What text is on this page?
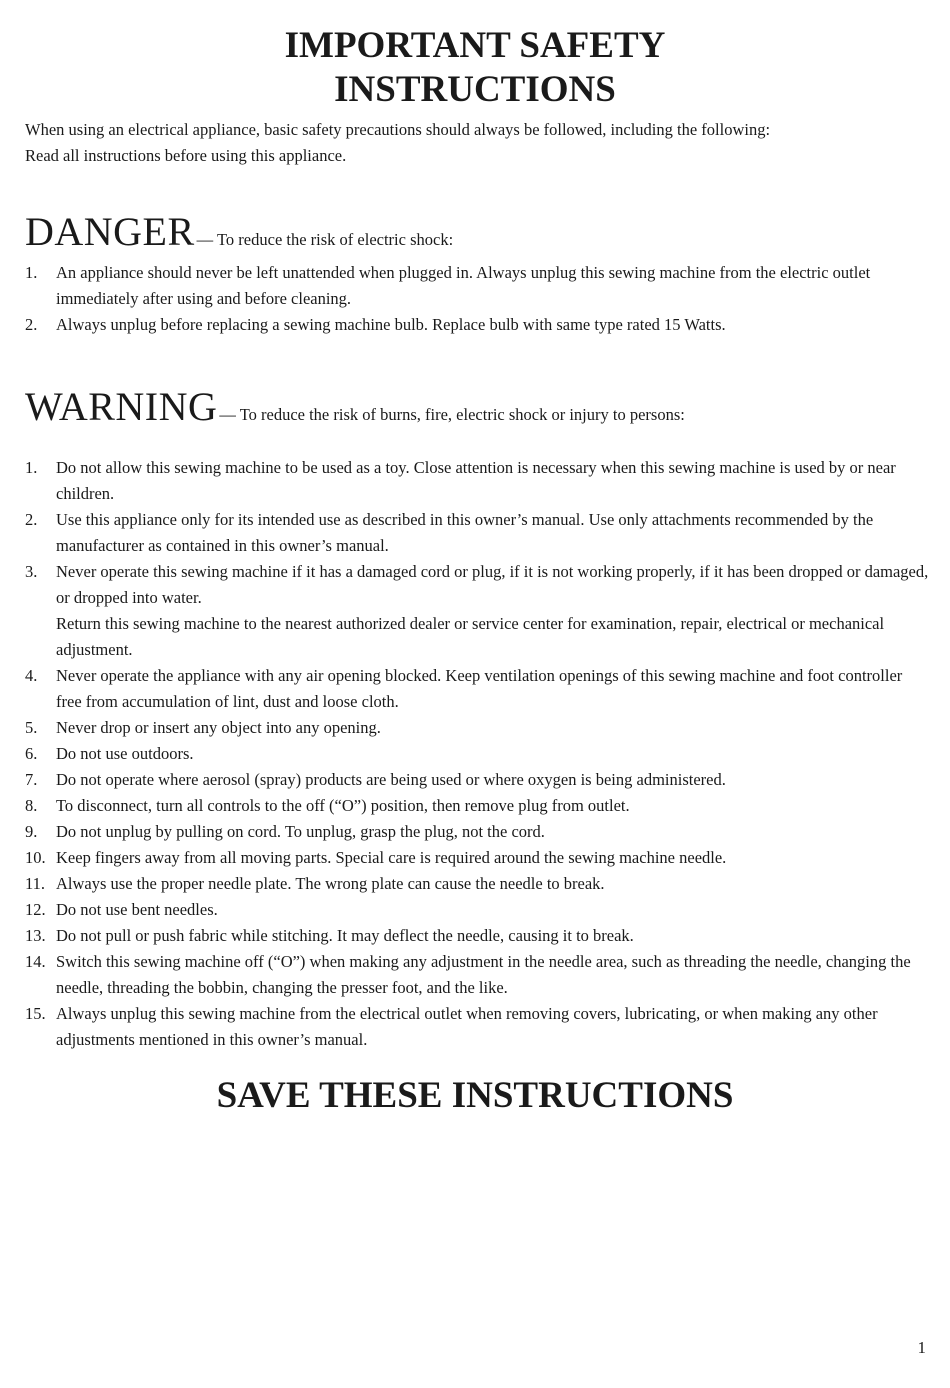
IMPORTANT SAFETY
INSTRUCTIONS

When using an electrical appliance, basic safety precautions should always be followed, including the following:

Read all instructions before using this appliance.

DANGER — To reduce the risk of electric shock:
1. An appliance should never be left unattended when plugged in. Always unplug this sewing machine from the electric outlet immediately after using and before cleaning.
2. Always unplug before replacing a sewing machine bulb. Replace bulb with same type rated 15 Watts.
WARNING — To reduce the risk of burns, fire, electric shock or injury to persons:
1. Do not allow this sewing machine to be used as a toy. Close attention is necessary when this sewing machine is used by or near children.
2. Use this appliance only for its intended use as described in this owner’s manual. Use only attachments recommended by the manufacturer as contained in this owner’s manual.
3. Never operate this sewing machine if it has a damaged cord or plug, if it is not working properly, if it has been dropped or damaged, or dropped into water.
Return this sewing machine to the nearest authorized dealer or service center for examination, repair, electrical or mechanical adjustment.
4. Never operate the appliance with any air opening blocked. Keep ventilation openings of this sewing machine and foot controller free from accumulation of lint, dust and loose cloth.
5. Never drop or insert any object into any opening.
6. Do not use outdoors.
7. Do not operate where aerosol (spray) products are being used or where oxygen is being administered.
8. To disconnect, turn all controls to the off (“O”) position, then remove plug from outlet.
9. Do not unplug by pulling on cord. To unplug, grasp the plug, not the cord.
10. Keep fingers away from all moving parts. Special care is required around the sewing machine needle.
11. Always use the proper needle plate. The wrong plate can cause the needle to break.
12. Do not use bent needles.
13. Do not pull or push fabric while stitching. It may deflect the needle, causing it to break.
14. Switch this sewing machine off (“O”) when making any adjustment in the needle area, such as threading the needle, changing the needle, threading the bobbin, changing the presser foot, and the like.
15. Always unplug this sewing machine from the electrical outlet when removing covers, lubricating, or when making any other adjustments mentioned in this owner’s manual.
SAVE THESE INSTRUCTIONS
1
